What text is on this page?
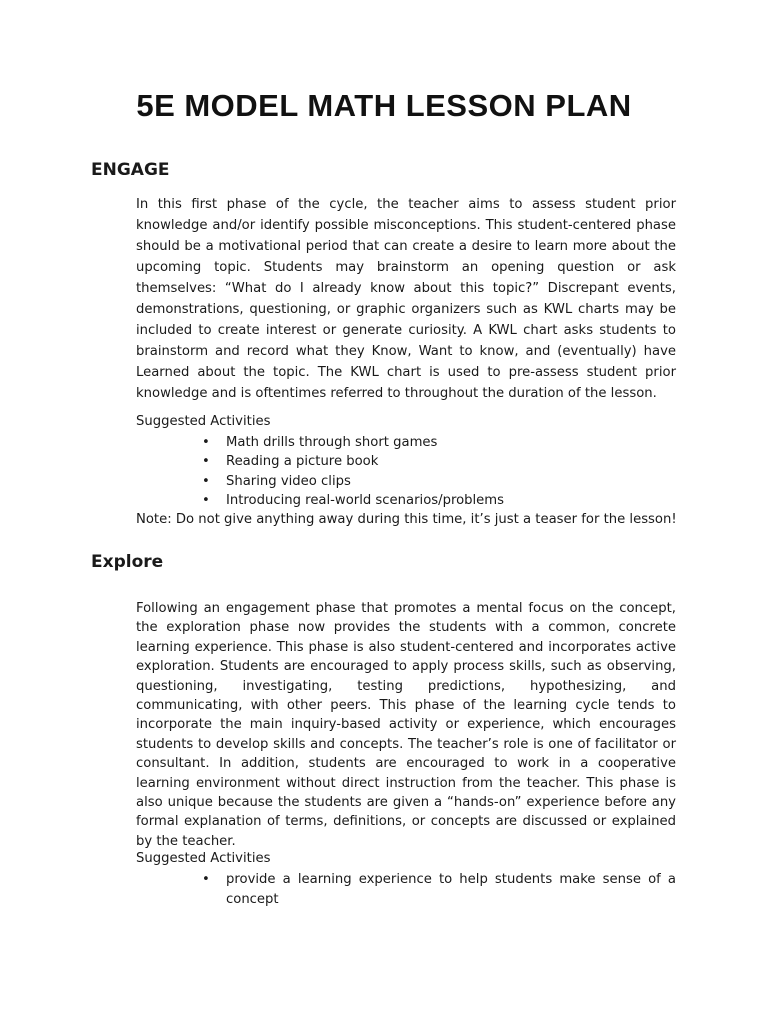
5E MODEL MATH LESSON PLAN
ENGAGE

In this first phase of the cycle, the teacher aims to assess student prior knowledge and/or identify possible misconceptions. This student-centered phase should be a motivational period that can create a desire to learn more about the upcoming topic. Students may brainstorm an opening question or ask themselves: “What do I already know about this topic?” Discrepant events, demonstrations, questioning, or graphic organizers such as KWL charts may be included to create interest or generate curiosity. A KWL chart asks students to brainstorm and record what they Know, Want to know, and (eventually) have Learned about the topic. The KWL chart is used to pre-assess student prior knowledge and is oftentimes referred to throughout the duration of the lesson.

Suggested Activities

• Math drills through short games
• Reading a picture book
• Sharing video clips
• Introducing real-world scenarios/problems

Note: Do not give anything away during this time, it’s just a teaser for the lesson!

Explore

Following an engagement phase that promotes a mental focus on the concept, the exploration phase now provides the students with a common, concrete learning experience. This phase is also student-centered and incorporates active exploration. Students are encouraged to apply process skills, such as observing, questioning, investigating, testing predictions, hypothesizing, and communicating, with other peers. This phase of the learning cycle tends to incorporate the main inquiry-based activity or experience, which encourages students to develop skills and concepts. The teacher’s role is one of facilitator or consultant. In addition, students are encouraged to work in a cooperative learning environment without direct instruction from the teacher. This phase is also unique because the students are given a “hands-on” experience before any formal explanation of terms, definitions, or concepts are discussed or explained by the teacher.

Suggested Activities

• provide a learning experience to help students make sense of a concept
